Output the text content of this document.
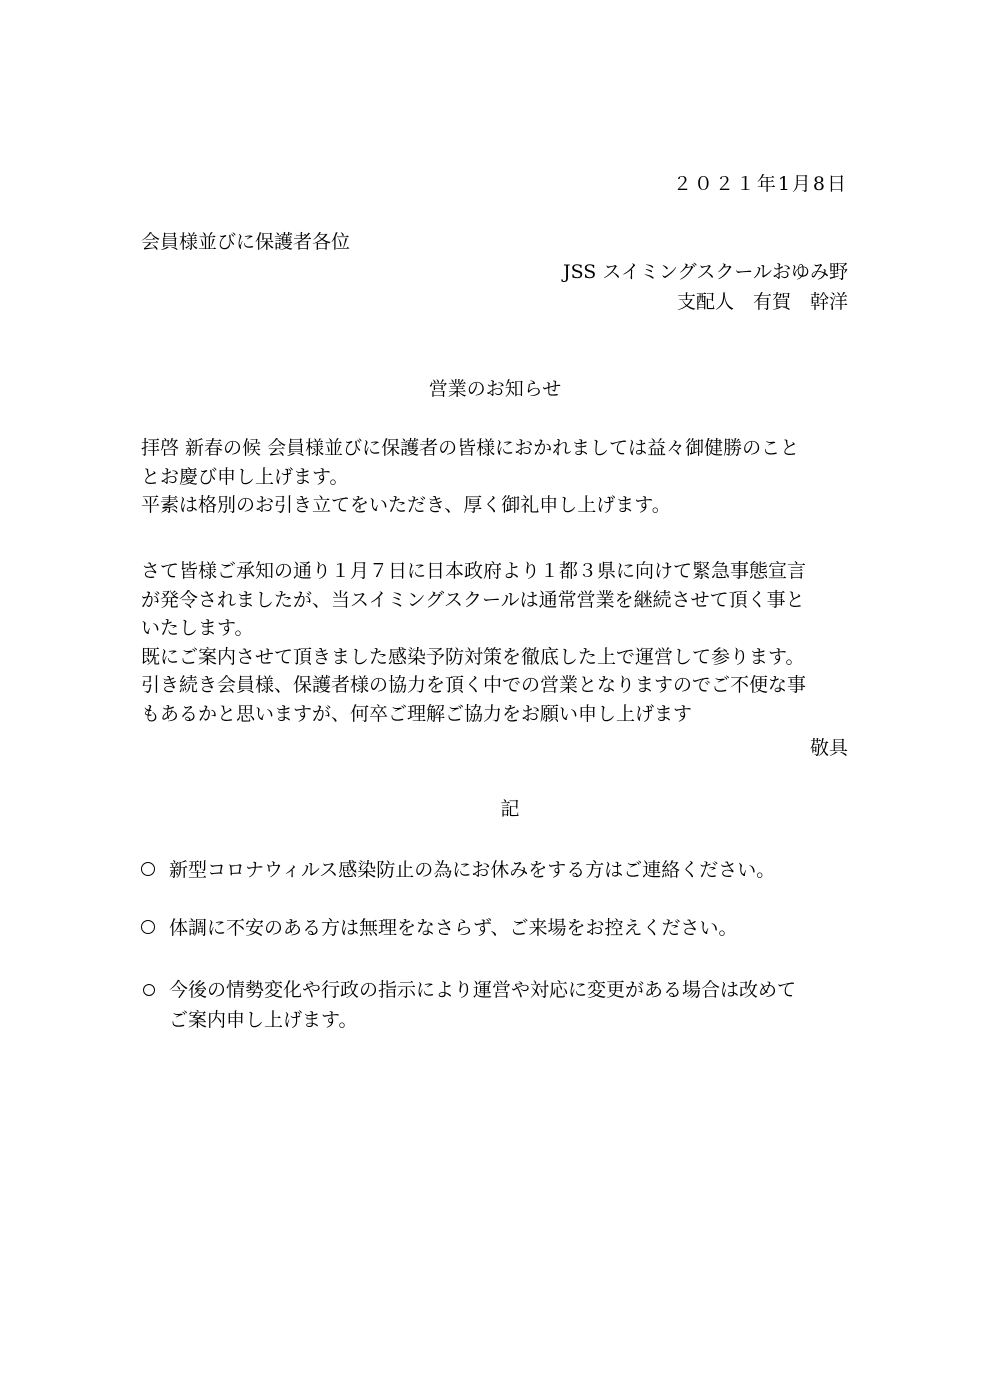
２０２１年1月8日
会員様並びに保護者各位
JSS スイミングスクールおゆみ野
支配人　有賀　幹洋
営業のお知らせ
拝啓 新春の候 会員様並びに保護者の皆様におかれましては益々御健勝のこと
とお慶び申し上げます。
平素は格別のお引き立てをいただき、厚く御礼申し上げます。
さて皆様ご承知の通り１月７日に日本政府より１都３県に向けて緊急事態宣言
が発令されましたが、当スイミングスクールは通常営業を継続させて頂く事と
いたします。
既にご案内させて頂きました感染予防対策を徹底した上で運営して参ります。
引き続き会員様、保護者様の協力を頂く中での営業となりますのでご不便な事
もあるかと思いますが、何卒ご理解ご協力をお願い申し上げます
敬具
記
新型コロナウィルス感染防止の為にお休みをする方はご連絡ください。
体調に不安のある方は無理をなさらず、ご来場をお控えください。
今後の情勢変化や行政の指示により運営や対応に変更がある場合は改めて
ご案内申し上げます。
